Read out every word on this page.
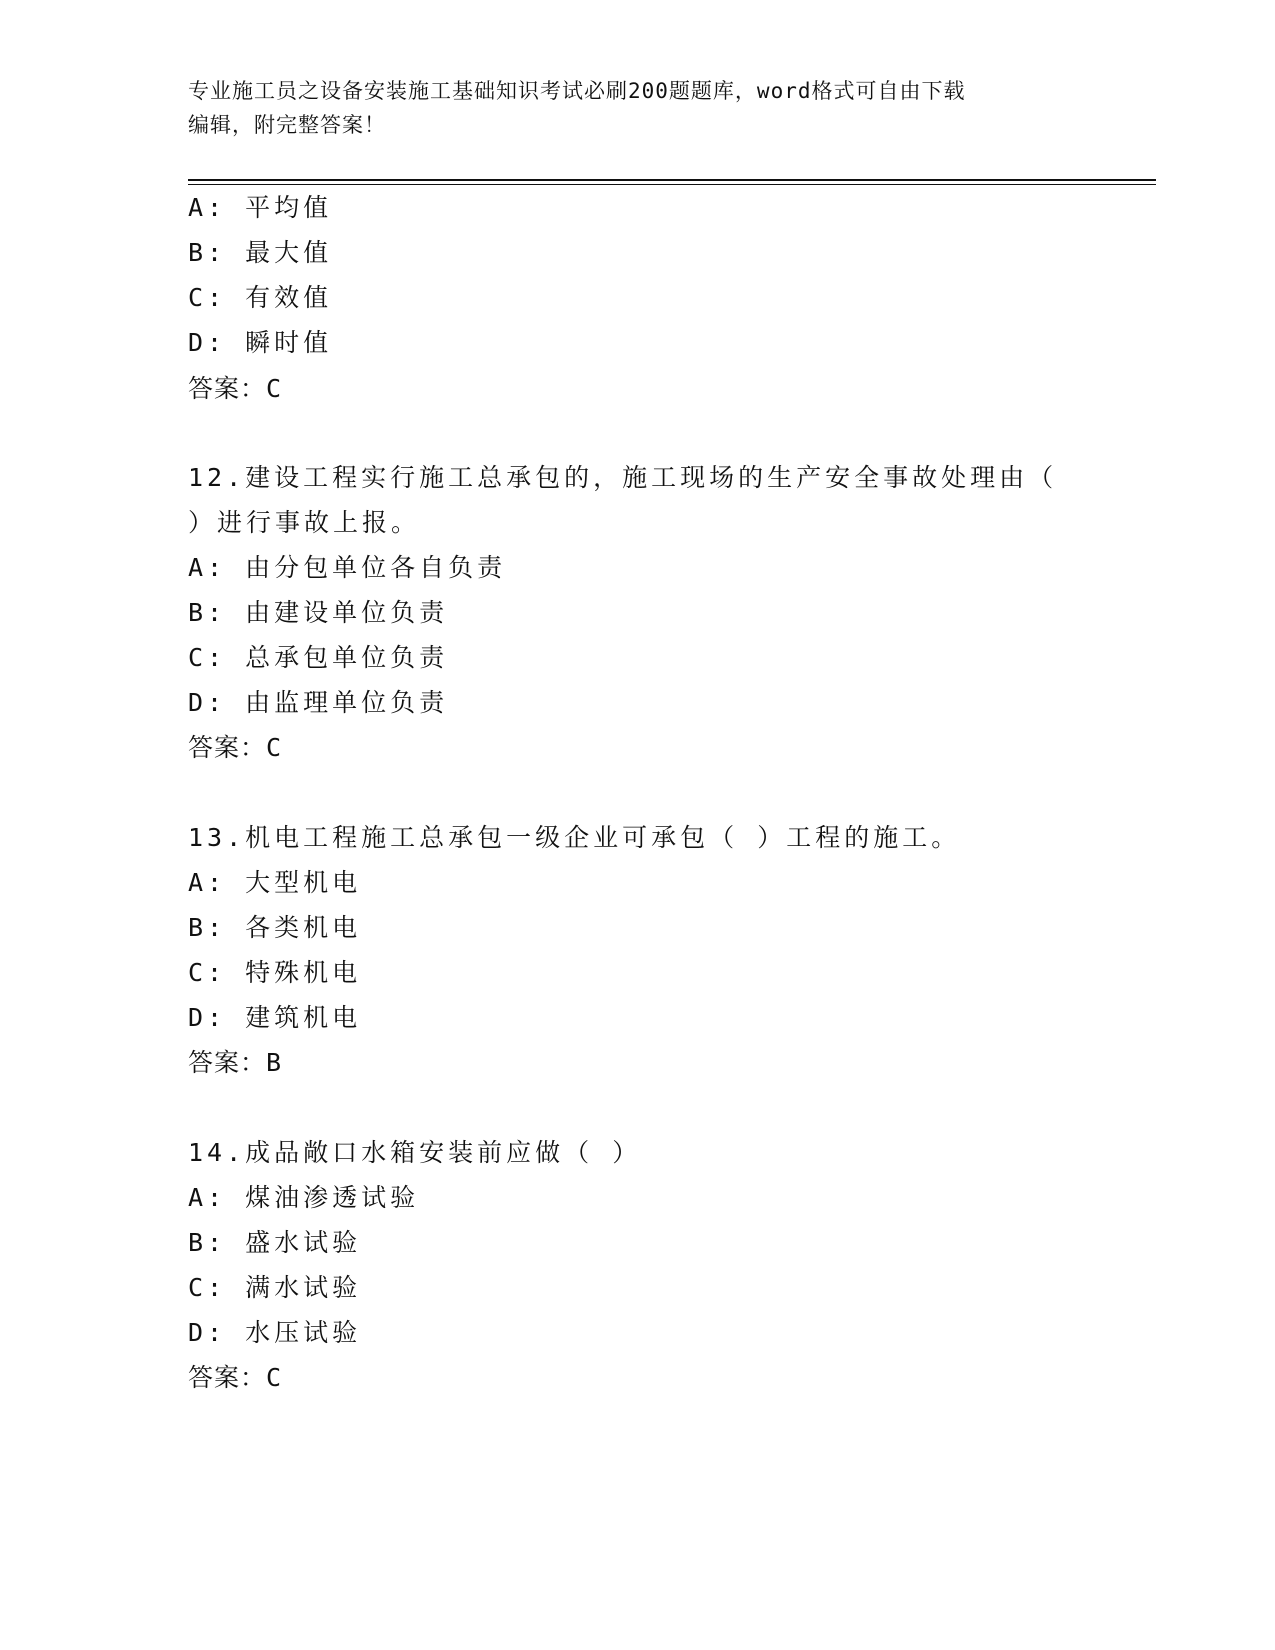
专业施工员之设备安装施工基础知识考试必刷200题题库，word格式可自由下载
编辑，附完整答案！
A: 平均值
B: 最大值
C: 有效值
D: 瞬时值
答案：C
12.建设工程实行施工总承包的，施工现场的生产安全事故处理由（
）进行事故上报。
A: 由分包单位各自负责
B: 由建设单位负责
C: 总承包单位负责
D: 由监理单位负责
答案：C
13.机电工程施工总承包一级企业可承包（ ）工程的施工。
A: 大型机电
B: 各类机电
C: 特殊机电
D: 建筑机电
答案：B
14.成品敞口水箱安装前应做（ ）
A: 煤油渗透试验
B: 盛水试验
C: 满水试验
D: 水压试验
答案：C
